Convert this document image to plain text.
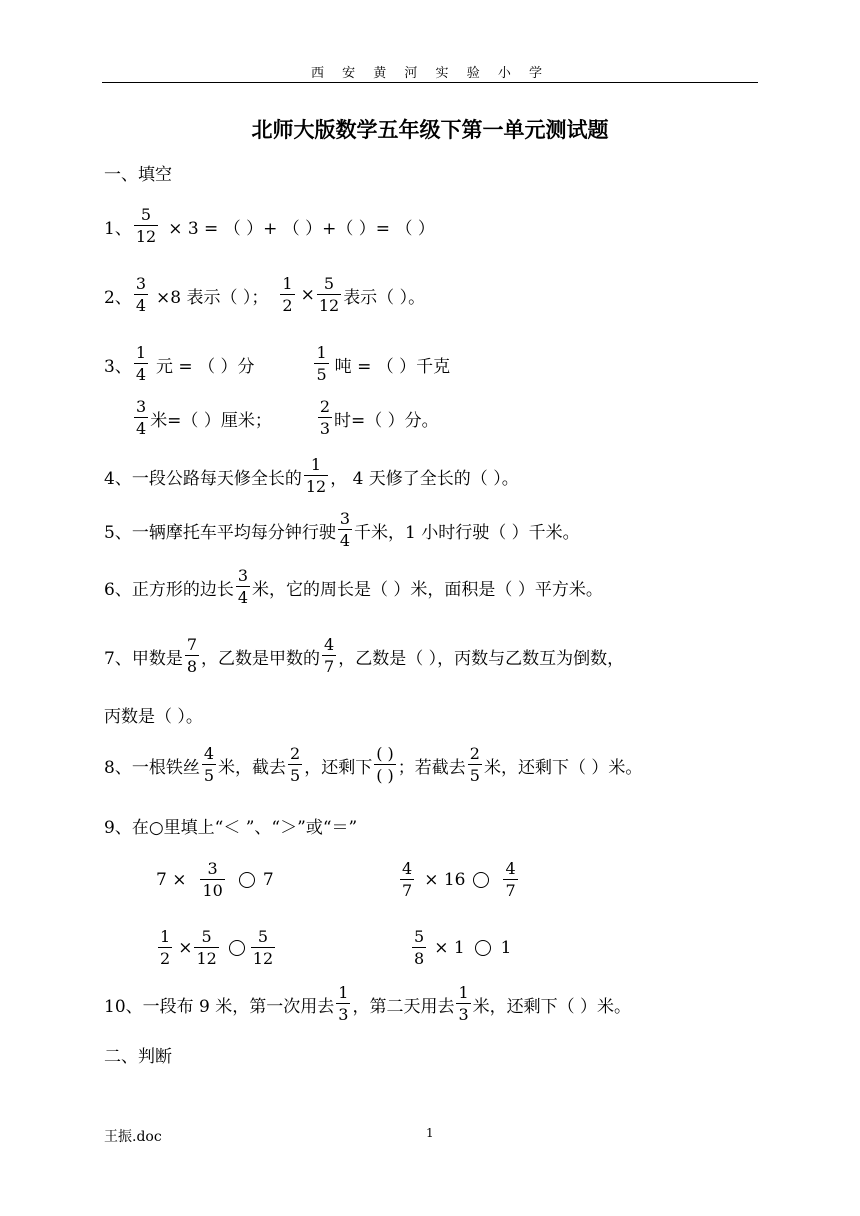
西 安 黄 河 实 验 小 学
北师大版数学五年级下第一单元测试题
一、填空
1、 $\frac{5}{12} \times 3$ = （ ）+ （ ）+（ ）= （ ）
2、 $\frac{3}{4} \times 8$ 表示（ ）； $\frac{1}{2} \times \frac{5}{12}$ 表示（ ）。
3、 $\frac{1}{4}$ 元 = （ ）分	$\frac{1}{5}$ 吨 = （ ）千克
$\frac{3}{4}$ 米=（ ）厘米；	$\frac{2}{3}$ 时=（ ）分。
4、一段公路每天修全长的 $\frac{1}{12}$ ， 4 天修了全长的（ ）。
5、一辆摩托车平均每分钟行驶 $\frac{3}{4}$ 千米，1 小时行驶（ ）千米。
6、正方形的边长 $\frac{3}{4}$ 米，它的周长是（ ）米，面积是（ ）平方米。
7、甲数是 $\frac{7}{8}$ ，乙数是甲数的 $\frac{4}{7}$ ，乙数是（ ），丙数与乙数互为倒数，
丙数是（ ）。
8、一根铁丝 $\frac{4}{5}$ 米，截去 $\frac{2}{5}$ ，还剩下 $\frac{( )}{( )}$ ；若截去 $\frac{2}{5}$ 米，还剩下（ ）米。
9、在○里填上“＜ ”、“＞”或“＝”
$7 \times \frac{3}{10} 7$	$\frac{4}{7} \times 16 \frac{4}{7}$
$\frac{1}{2} \times \frac{5}{12} \frac{5}{12}$	$\frac{5}{8} \times 1$ 1
10、一段布 9 米，第一次用去 $\frac{1}{3}$ ，第二天用去 $\frac{1}{3}$ 米，还剩下（ ）米。
二、判断
王振.doc	1
